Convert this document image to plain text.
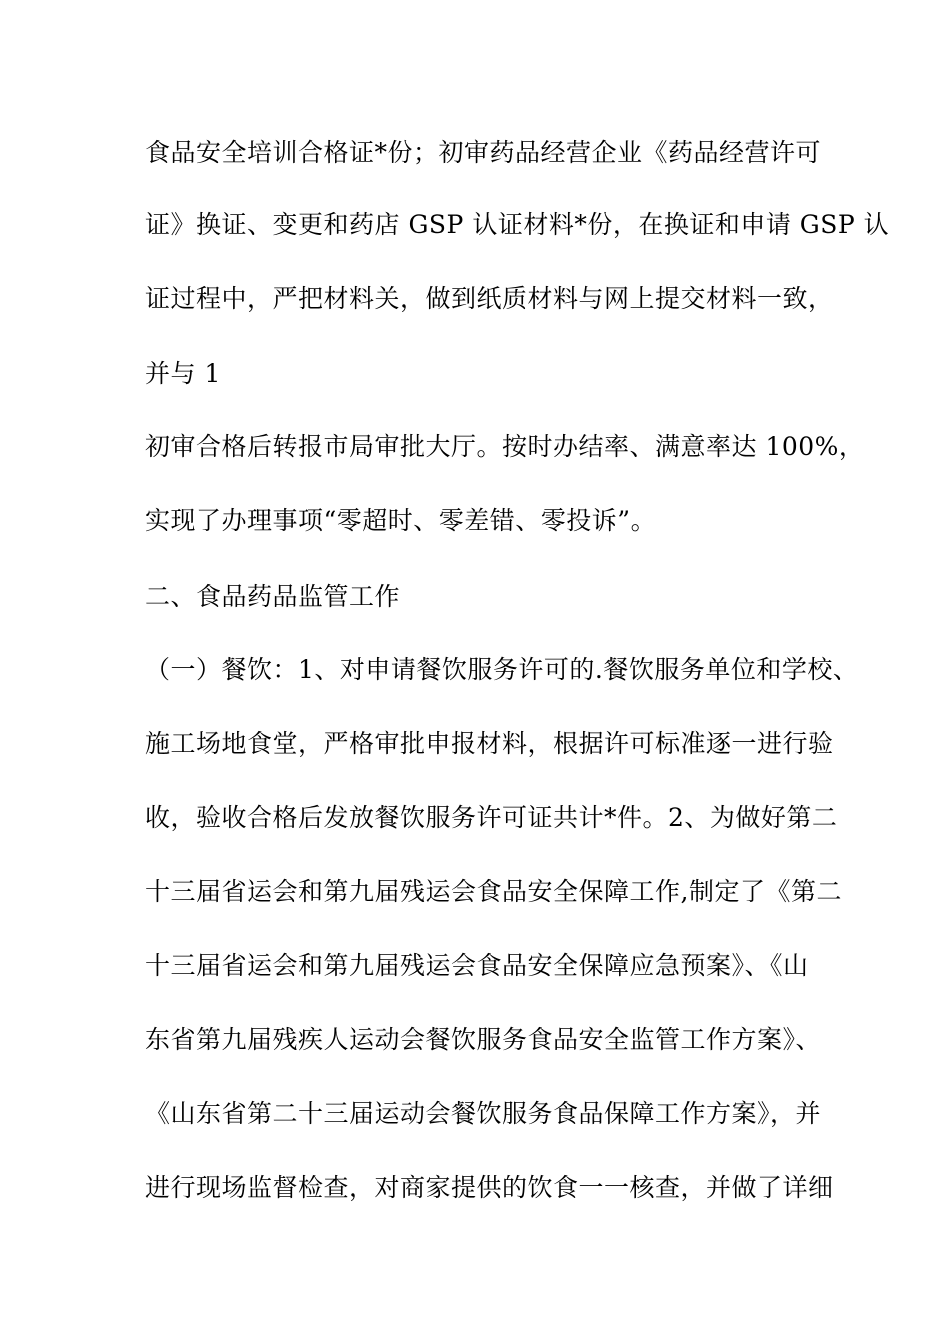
食品安全培训合格证*份；初审药品经营企业《药品经营许可

证》换证、变更和药店 GSP 认证材料*份，在换证和申请 GSP 认

证过程中，严把材料关，做到纸质材料与网上提交材料一致，

并与 1

初审合格后转报市局审批大厅。按时办结率、满意率达 100%，

实现了办理事项“零超时、零差错、零投诉”。

二、食品药品监管工作

（一）餐饮：1、对申请餐饮服务许可的.餐饮服务单位和学校、

施工场地食堂，严格审批申报材料，根据许可标准逐一进行验

收，验收合格后发放餐饮服务许可证共计*件。2、为做好第二

十三届省运会和第九届残运会食品安全保障工作,制定了《第二

十三届省运会和第九届残运会食品安全保障应急预案》、《山

东省第九届残疾人运动会餐饮服务食品安全监管工作方案》、

《山东省第二十三届运动会餐饮服务食品保障工作方案》，并

进行现场监督检查，对商家提供的饮食一一核查，并做了详细
